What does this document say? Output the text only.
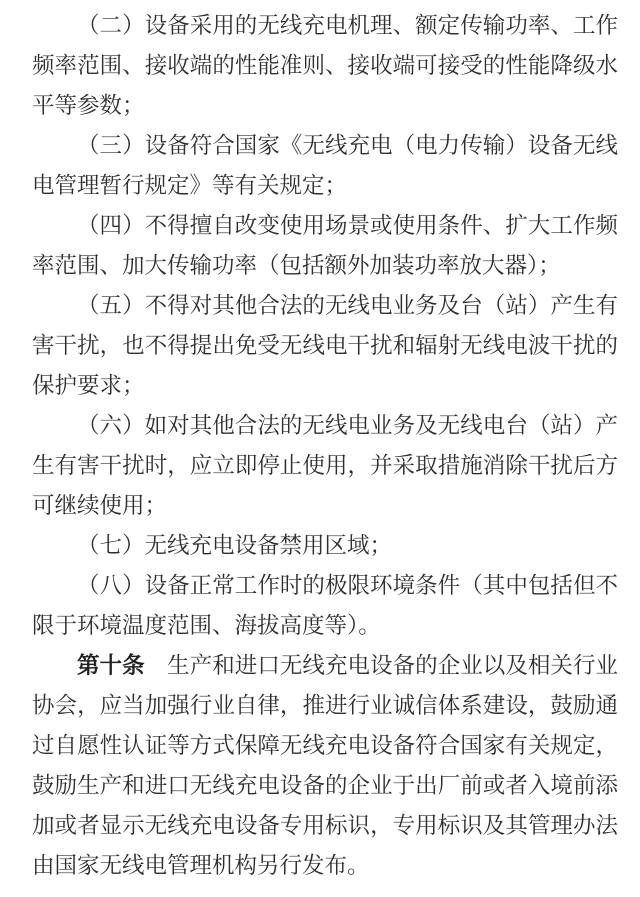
（二）设备采用的无线充电机理、额定传输功率、工作频率范围、接收端的性能准则、接收端可接受的性能降级水平等参数；

（三）设备符合国家《无线充电（电力传输）设备无线电管理暂行规定》等有关规定；

（四）不得擅自改变使用场景或使用条件、扩大工作频率范围、加大传输功率（包括额外加装功率放大器）；

（五）不得对其他合法的无线电业务及台（站）产生有害干扰，也不得提出免受无线电干扰和辐射无线电波干扰的保护要求；

（六）如对其他合法的无线电业务及无线电台（站）产生有害干扰时，应立即停止使用，并采取措施消除干扰后方可继续使用；

（七）无线充电设备禁用区域；

（八）设备正常工作时的极限环境条件（其中包括但不限于环境温度范围、海拔高度等）。

第十条　生产和进口无线充电设备的企业以及相关行业协会，应当加强行业自律，推进行业诚信体系建设，鼓励通过自愿性认证等方式保障无线充电设备符合国家有关规定，鼓励生产和进口无线充电设备的企业于出厂前或者入境前添加或者显示无线充电设备专用标识，专用标识及其管理办法由国家无线电管理机构另行发布。
